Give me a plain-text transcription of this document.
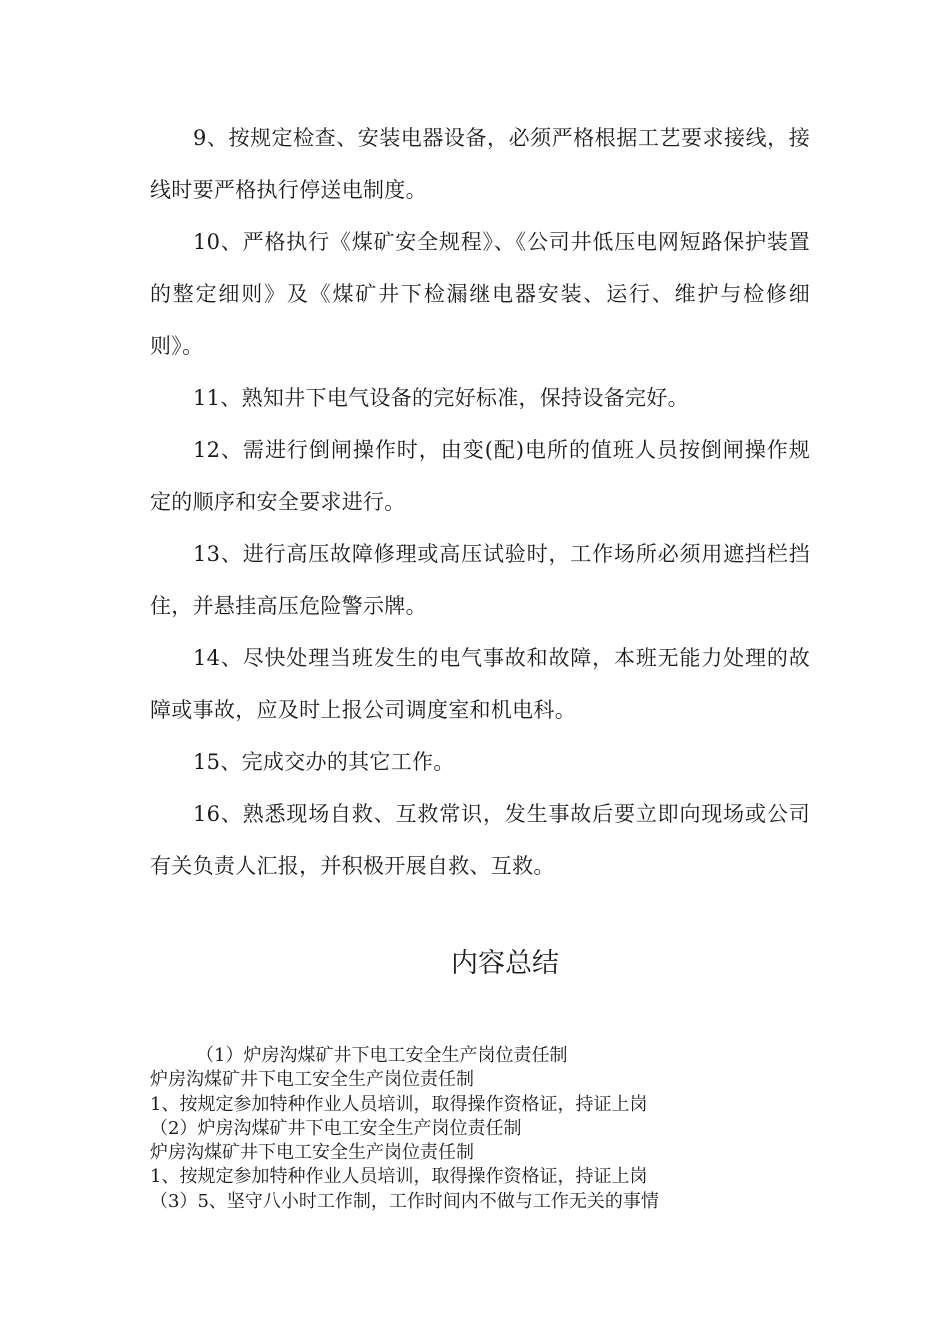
9、按规定检查、安装电器设备，必须严格根据工艺要求接线，接线时要严格执行停送电制度。

10、严格执行《煤矿安全规程》、《公司井低压电网短路保护装置的整定细则》及《煤矿井下检漏继电器安装、运行、维护与检修细则》。

11、熟知井下电气设备的完好标准，保持设备完好。

12、需进行倒闸操作时，由变(配)电所的值班人员按倒闸操作规定的顺序和安全要求进行。

13、进行高压故障修理或高压试验时，工作场所必须用遮挡栏挡住，并悬挂高压危险警示牌。

14、尽快处理当班发生的电气事故和故障，本班无能力处理的故障或事故，应及时上报公司调度室和机电科。

15、完成交办的其它工作。

16、熟悉现场自救、互救常识，发生事故后要立即向现场或公司有关负责人汇报，并积极开展自救、互救。

内容总结

（1）炉房沟煤矿井下电工安全生产岗位责任制

炉房沟煤矿井下电工安全生产岗位责任制

1、按规定参加特种作业人员培训，取得操作资格证，持证上岗

（2）炉房沟煤矿井下电工安全生产岗位责任制

炉房沟煤矿井下电工安全生产岗位责任制

1、按规定参加特种作业人员培训，取得操作资格证，持证上岗

（3）5、坚守八小时工作制，工作时间内不做与工作无关的事情
